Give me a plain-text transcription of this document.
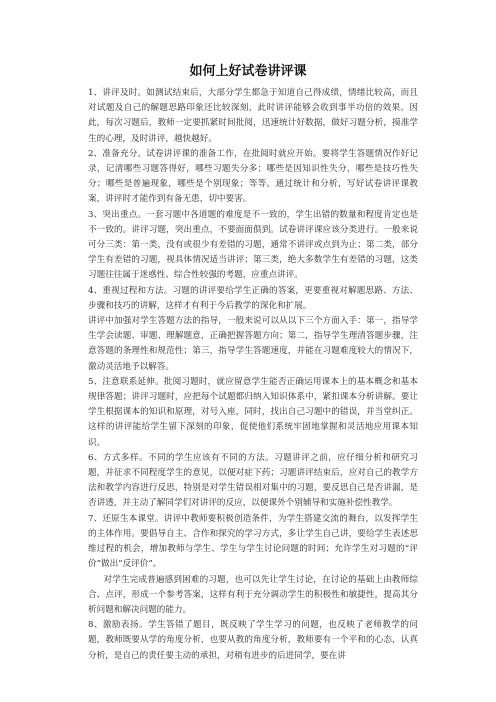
如何上好试卷讲评课

1、讲评及时。如测试结束后，大部分学生都急于知道自己得成绩，情绪比较高，而且对试题及自己的解题思路印象还比较深刻，此时讲评能够会收到事半功倍的效果。因此，每次习题后，教师一定要抓紧时间批阅，迅速统计好数据，做好习题分析，摸准学生的心理，及时讲评，越快越好。

2、准备充分。试卷讲评课的准备工作，在批阅时就应开始。要将学生答题情况作好记录，记清哪些习题答得好，哪些习题失分多；哪些是因知识性失分，哪些是技巧性失分；哪些是普遍现象，哪些是个别现象；等等。通过统计和分析，写好试卷讲评课教案，讲评时才能作到有备无患，切中要害。

3、突出重点。一套习题中各道题的难度是不一致的，学生出错的数量和程度肯定也是不一致的。讲评习题，突出重点，不要面面俱到。试卷讲评课应该分类进行。一般来说可分三类：第一类，没有或很少有差错的习题，通常不讲评或点到为止；第二类，部分学生有差错的习题，视具体情况适当讲评；第三类，绝大多数学生有差错的习题，这类习题往往属于迷惑性、综合性较强的考题，应重点讲评。

4、重视过程和方法。习题的讲评要给学生正确的答案，更要重视对解题思路、方法、步骤和技巧的讲解，这样才有利于今后教学的深化和扩展。

讲评中加强对学生答题方法的指导，一般来说可以从以下三个方面入手：第一，指导学生学会读题、审题、理解题意，正确把握答题方向；第二，指导学生理清答题步骤，注意答题的条理性和规范性；第三，指导学生答题速度，并能在习题难度较大的情况下，激动灵活地予以解答。

5、注意联系延伸。批阅习题时，就应留意学生能否正确运用课本上的基本概念和基本规律答题；讲评习题时，应把每个试题都归纳入知识体系中，紧扣课本分析讲解。要让学生根据课本的知识和原理，对号入座，同时，找出自己习题中的错误，并当堂纠正。这样的讲评能给学生留下深刻的印象，促使他们系统牢固地掌握和灵活地应用课本知识。

6、方式多样。不同的学生应该有不同的方法。习题讲评之前，应仔细分析和研究习题，并征求不同程度学生的意见，以便对症下药；习题讲评结束后，应对自己的教学方法和教学内容进行反思，特别是对学生错误相对集中的习题，要反思自己是否讲漏，是否讲透，并主动了解同学们对讲评的反应，以便课外个别辅导和实施补偿性教学。

7、还原生本课堂。讲评中教师要积极创造条件，为学生搭建交流的舞台，以发挥学生的主体作用。要倡导自主、合作和探究的学习方式，多让学生自己讲，要给学生表述思维过程的机会，增加教师与学生、学生与学生讨论问题的时间；允许学生对习题的“评价”做出“反评价”。

对学生完成普遍感到困难的习题，也可以先让学生讨论，在讨论的基础上由教师综合、点评，形成一个参考答案，这样有利于充分调动学生的积极性和敏捷性，提高其分析问题和解决问题的能力。

8、激励表扬。学生答错了题目，既反映了学生学习的问题，也反映了老师教学的问题，教师既要从学的角度分析，也要从教的角度分析，教师要有一个平和的心态，认真分析，是自己的责任要主动的承担，对稍有进步的后进同学，要在讲
